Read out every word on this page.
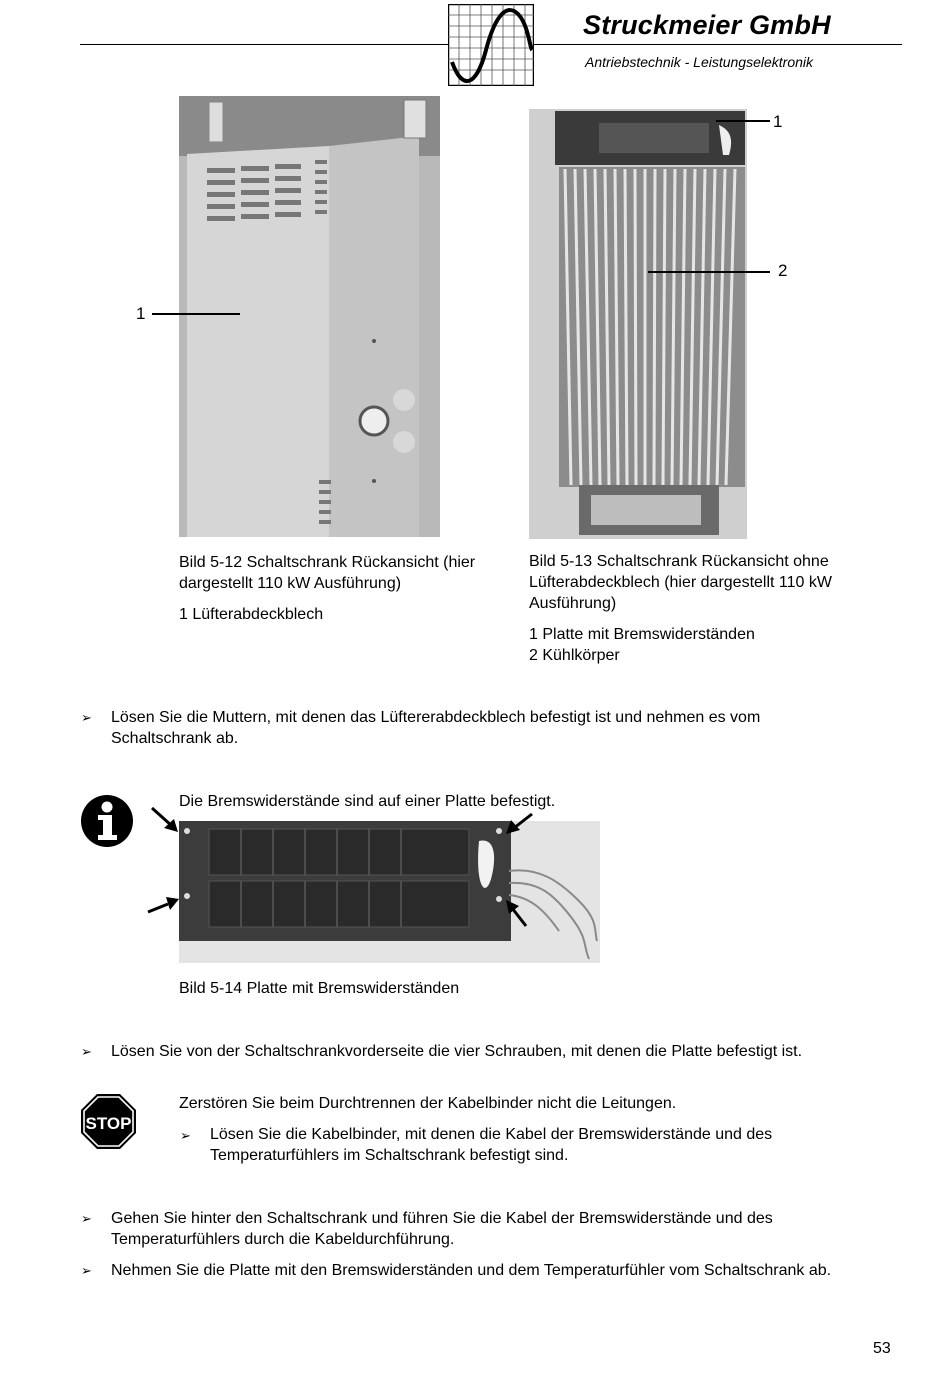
Struckmeier GmbH
Antriebstechnik - Leistungselektronik
1
Bild 5-12 Schaltschrank Rückansicht (hier dargestellt 110 kW Ausführung)
1 Lüfterabdeckblech
1
2
Bild 5-13 Schaltschrank Rückansicht ohne Lüfterabdeckblech (hier dargestellt 110 kW Ausführung)
1 Platte mit Bremswiderständen
2 Kühlkörper
➢ Lösen Sie die Muttern, mit denen das Lüftererabdeckblech befestigt ist und nehmen es vom Schaltschrank ab.
Die Bremswiderstände sind auf einer Platte befestigt.
Bild 5-14 Platte mit Bremswiderständen
➢ Lösen Sie von der Schaltschrankvorderseite die vier Schrauben, mit denen die Platte befestigt ist.
STOP
Zerstören Sie beim Durchtrennen der Kabelbinder nicht die Leitungen.
➢ Lösen Sie die Kabelbinder, mit denen die Kabel der Bremswiderstände und des Temperaturfühlers im Schaltschrank befestigt sind.
➢ Gehen Sie hinter den Schaltschrank und führen Sie die Kabel der Bremswiderstände und des Temperaturfühlers durch die Kabeldurchführung.
➢ Nehmen Sie die Platte mit den Bremswiderständen und dem Temperaturfühler vom Schaltschrank ab.
53
